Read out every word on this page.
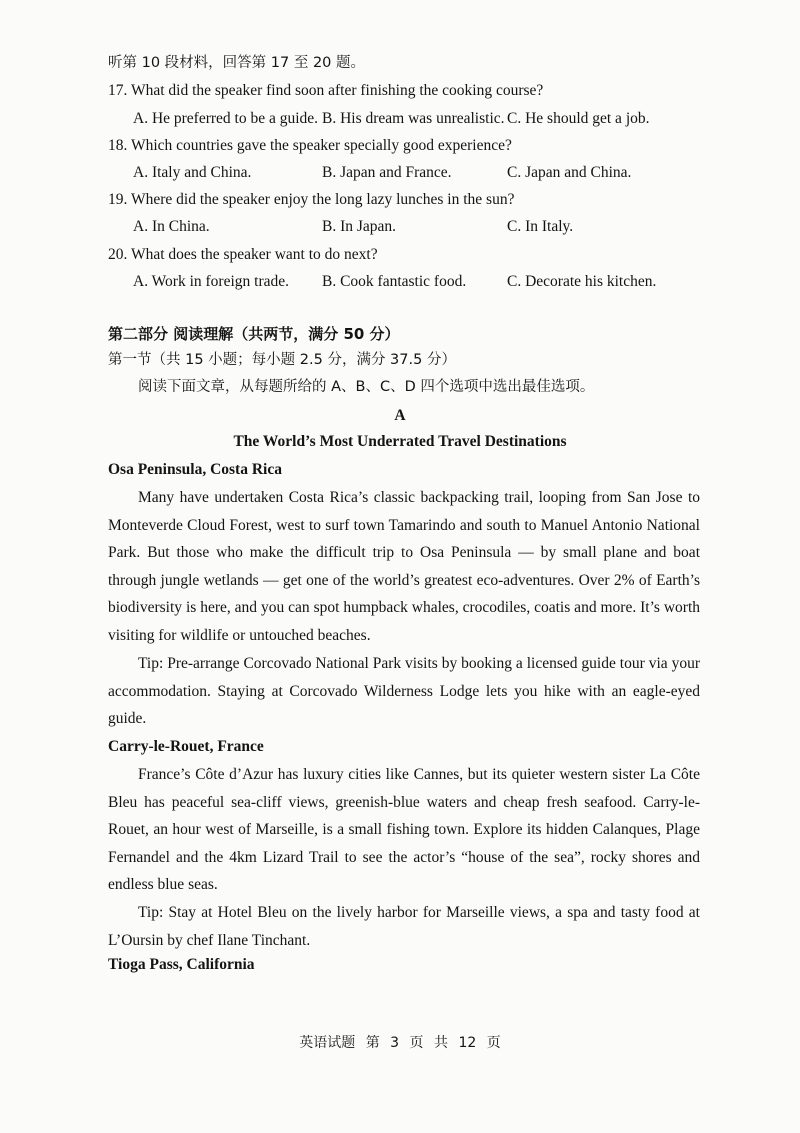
听第 10 段材料，回答第 17 至 20 题。
17. What did the speaker find soon after finishing the cooking course?
A. He preferred to be a guide. B. His dream was unrealistic. C. He should get a job.
18. Which countries gave the speaker specially good experience?
A. Italy and China.	B. Japan and France.	C. Japan and China.
19. Where did the speaker enjoy the long lazy lunches in the sun?
A. In China.	B. In Japan.	C. In Italy.
20. What does the speaker want to do next?
A. Work in foreign trade. B. Cook fantastic food.	C. Decorate his kitchen.
第二部分 阅读理解（共两节，满分 50 分）
第一节（共 15 小题；每小题 2.5 分，满分 37.5 分）
阅读下面文章，从每题所给的 A、B、C、D 四个选项中选出最佳选项。
A
The World’s Most Underrated Travel Destinations
Osa Peninsula, Costa Rica
Many have undertaken Costa Rica’s classic backpacking trail, looping from San Jose to Monteverde Cloud Forest, west to surf town Tamarindo and south to Manuel Antonio National Park. But those who make the difficult trip to Osa Peninsula — by small plane and boat through jungle wetlands — get one of the world’s greatest eco-adventures. Over 2% of Earth’s biodiversity is here, and you can spot humpback whales, crocodiles, coatis and more. It’s worth visiting for wildlife or untouched beaches.
Tip: Pre-arrange Corcovado National Park visits by booking a licensed guide tour via your accommodation. Staying at Corcovado Wilderness Lodge lets you hike with an eagle-eyed guide.
Carry-le-Rouet, France
France’s Côte d’Azur has luxury cities like Cannes, but its quieter western sister La Côte Bleu has peaceful sea-cliff views, greenish-blue waters and cheap fresh seafood. Carry-le-Rouet, an hour west of Marseille, is a small fishing town. Explore its hidden Calanques, Plage Fernandel and the 4km Lizard Trail to see the actor’s “house of the sea”, rocky shores and endless blue seas.
Tip: Stay at Hotel Bleu on the lively harbor for Marseille views, a spa and tasty food at L’Oursin by chef Ilane Tinchant.
Tioga Pass, California
英语试题 第 3 页 共 12 页
